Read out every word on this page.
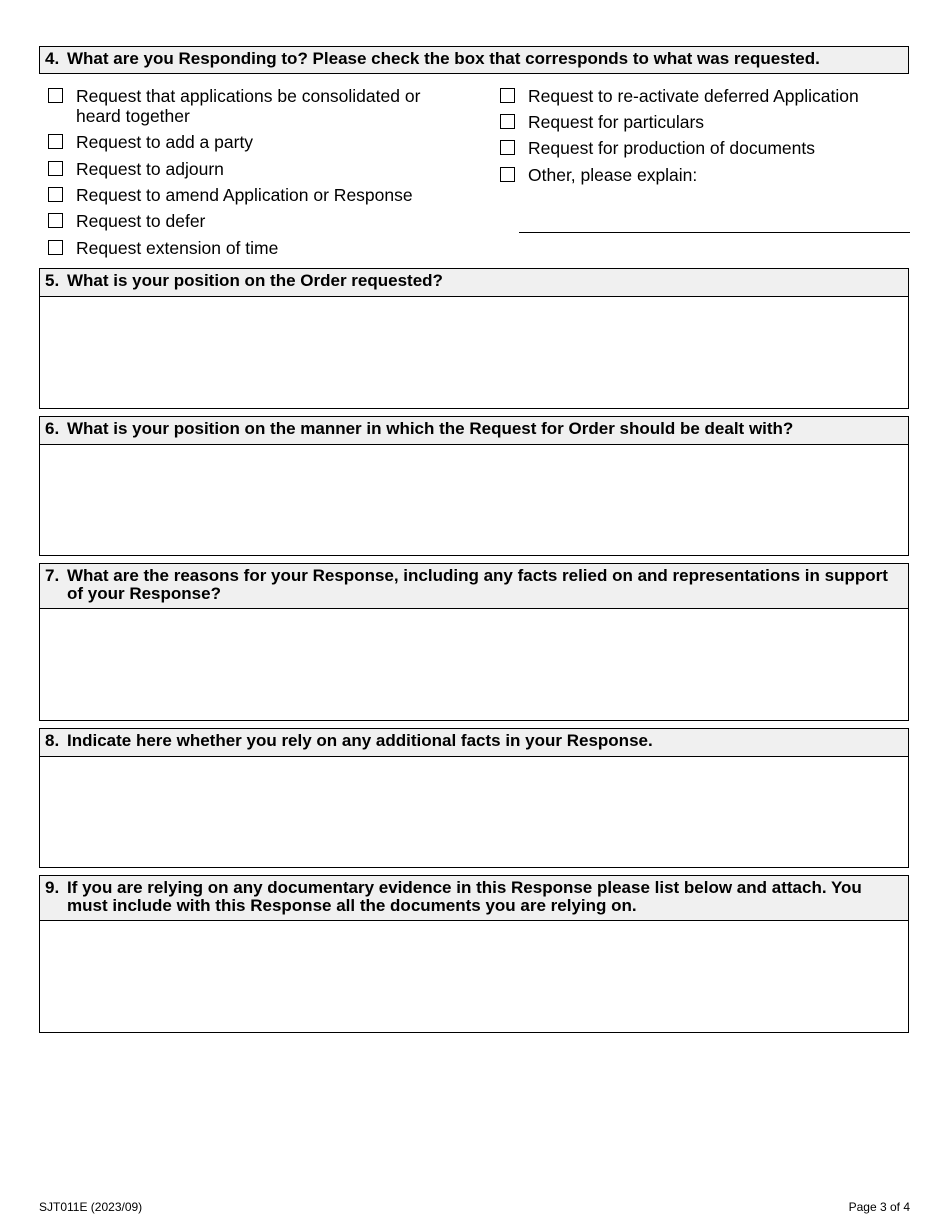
4. What are you Responding to? Please check the box that corresponds to what was requested.
Request that applications be consolidated or heard together
Request to add a party
Request to adjourn
Request to amend Application or Response
Request to defer
Request extension of time
Request to re-activate deferred Application
Request for particulars
Request for production of documents
Other, please explain:
5. What is your position on the Order requested?
6. What is your position on the manner in which the Request for Order should be dealt with?
7. What are the reasons for your Response, including any facts relied on and representations in support of your Response?
8. Indicate here whether you rely on any additional facts in your Response.
9. If you are relying on any documentary evidence in this Response please list below and attach. You must include with this Response all the documents you are relying on.
SJT011E (2023/09)	Page 3 of 4
